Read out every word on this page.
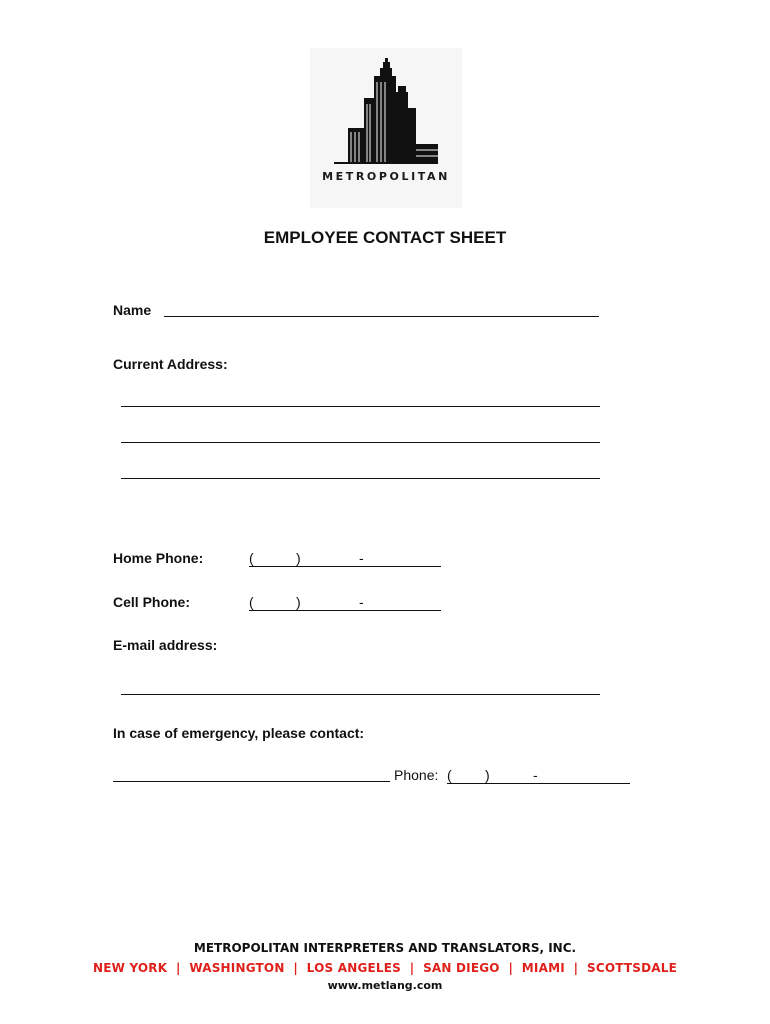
METROPOLITAN
EMPLOYEE CONTACT SHEET
Name
Current Address:
Home Phone:	(	)	-
Cell Phone:	(	)	-
E-mail address:
In case of emergency, please contact:
Phone: ( )	-
METROPOLITAN INTERPRETERS AND TRANSLATORS, INC.
NEW YORK  |  WASHINGTON  |  LOS ANGELES  |  SAN DIEGO  |  MIAMI  |  SCOTTSDALE
www.metlang.com
